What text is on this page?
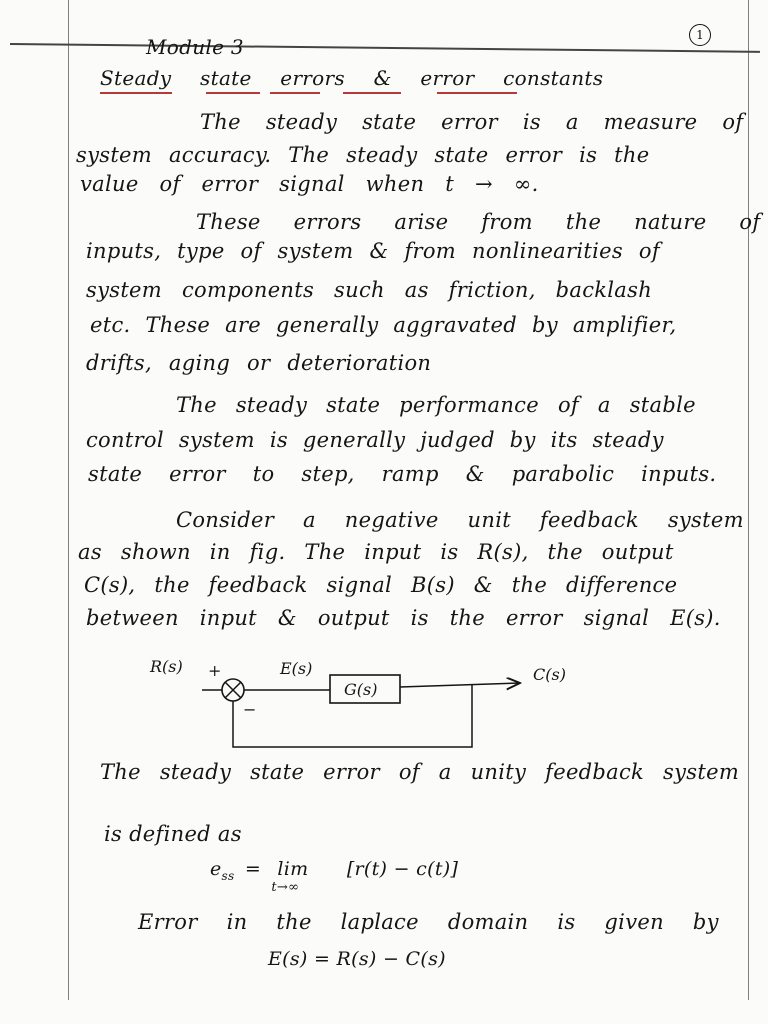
1
Module 3
Steady state errors & error constants
The steady state error is a measure of
system accuracy. The steady state error is the
value of error signal when t → ∞.
These errors arise from the nature of
inputs, type of system & from nonlinearities of
system components such as friction, backlash
etc. These are generally aggravated by amplifier,
drifts, aging or deterioration
The steady state performance of a stable
control system is generally judged by its steady
state error to step, ramp & parabolic inputs.
Consider a negative unit feedback system
as shown in fig. The input is R(s), the output
C(s), the feedback signal B(s) & the difference
between input & output is the error signal E(s).
R(s) +
−
E(s)	C(s)
G(s)
The steady state error of a unity feedback system
is defined as
$e_{ss} = \lim$
t→∞
[r(t) − c(t)]
Error in the laplace domain is given by
E(s) = R(s) − C(s)
